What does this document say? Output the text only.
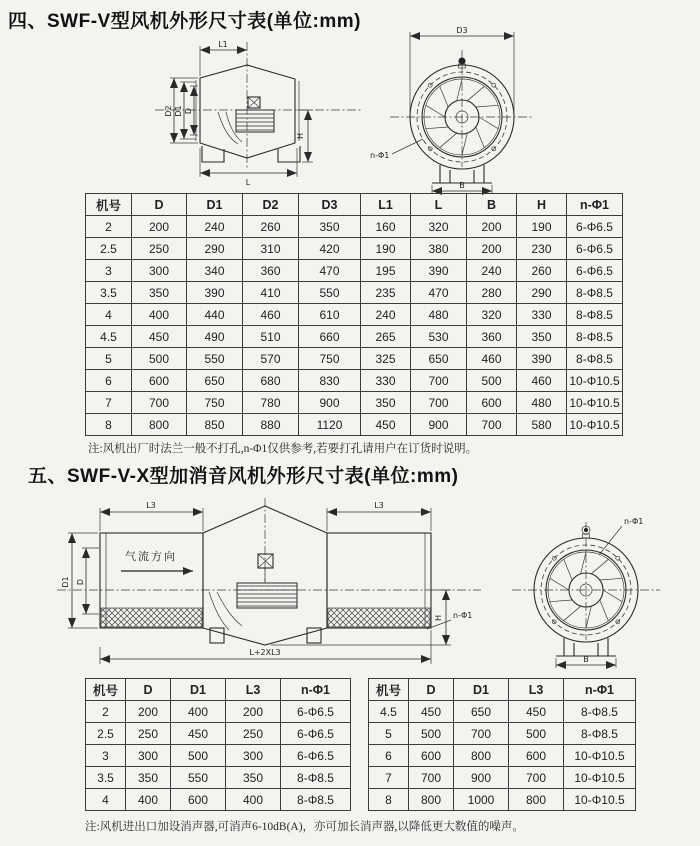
四、SWF-V型风机外形尺寸表(单位:mm)
L1
D2 D1 D
H
L
D3
n-Φ1
B
机号	D	D1	D2	D3	L1	L	B	H	n-Φ1
2	200	240	260	350	160	320	200	190	6-Φ6.5
2.5	250	290	310	420	190	380	200	230	6-Φ6.5
3	300	340	360	470	195	390	240	260	6-Φ6.5
3.5	350	390	410	550	235	470	280	290	8-Φ8.5
4	400	440	460	610	240	480	320	330	8-Φ8.5
4.5	450	490	510	660	265	530	360	350	8-Φ8.5
5	500	550	570	750	325	650	460	390	8-Φ8.5
6	600	650	680	830	330	700	500	460	10-Φ10.5
7	700	750	780	900	350	700	600	480	10-Φ10.5
8	800	850	880	1120	450	900	700	580	10-Φ10.5
注:风机出厂时法兰一般不打孔,n-Φ1仅供参考,若要打孔请用户在订货时说明。
五、SWF-V-X型加消音风机外形尺寸表(单位:mm)
气流方向
L3	L3
D1 D
H n-Φ1
L+2XL3
n-Φ1
B
机号	D	D1	L3	n-Φ1
2	200	400	200	6-Φ6.5
2.5	250	450	250	6-Φ6.5
3	300	500	300	6-Φ6.5
3.5	350	550	350	8-Φ8.5
4	400	600	400	8-Φ8.5
机号	D	D1	L3	n-Φ1
4.5	450	650	450	8-Φ8.5
5	500	700	500	8-Φ8.5
6	600	800	600	10-Φ10.5
7	700	900	700	10-Φ10.5
8	800	1000	800	10-Φ10.5
注:风机进出口加设消声器,可消声6-10dB(A)，亦可加长消声器,以降低更大数值的噪声。
